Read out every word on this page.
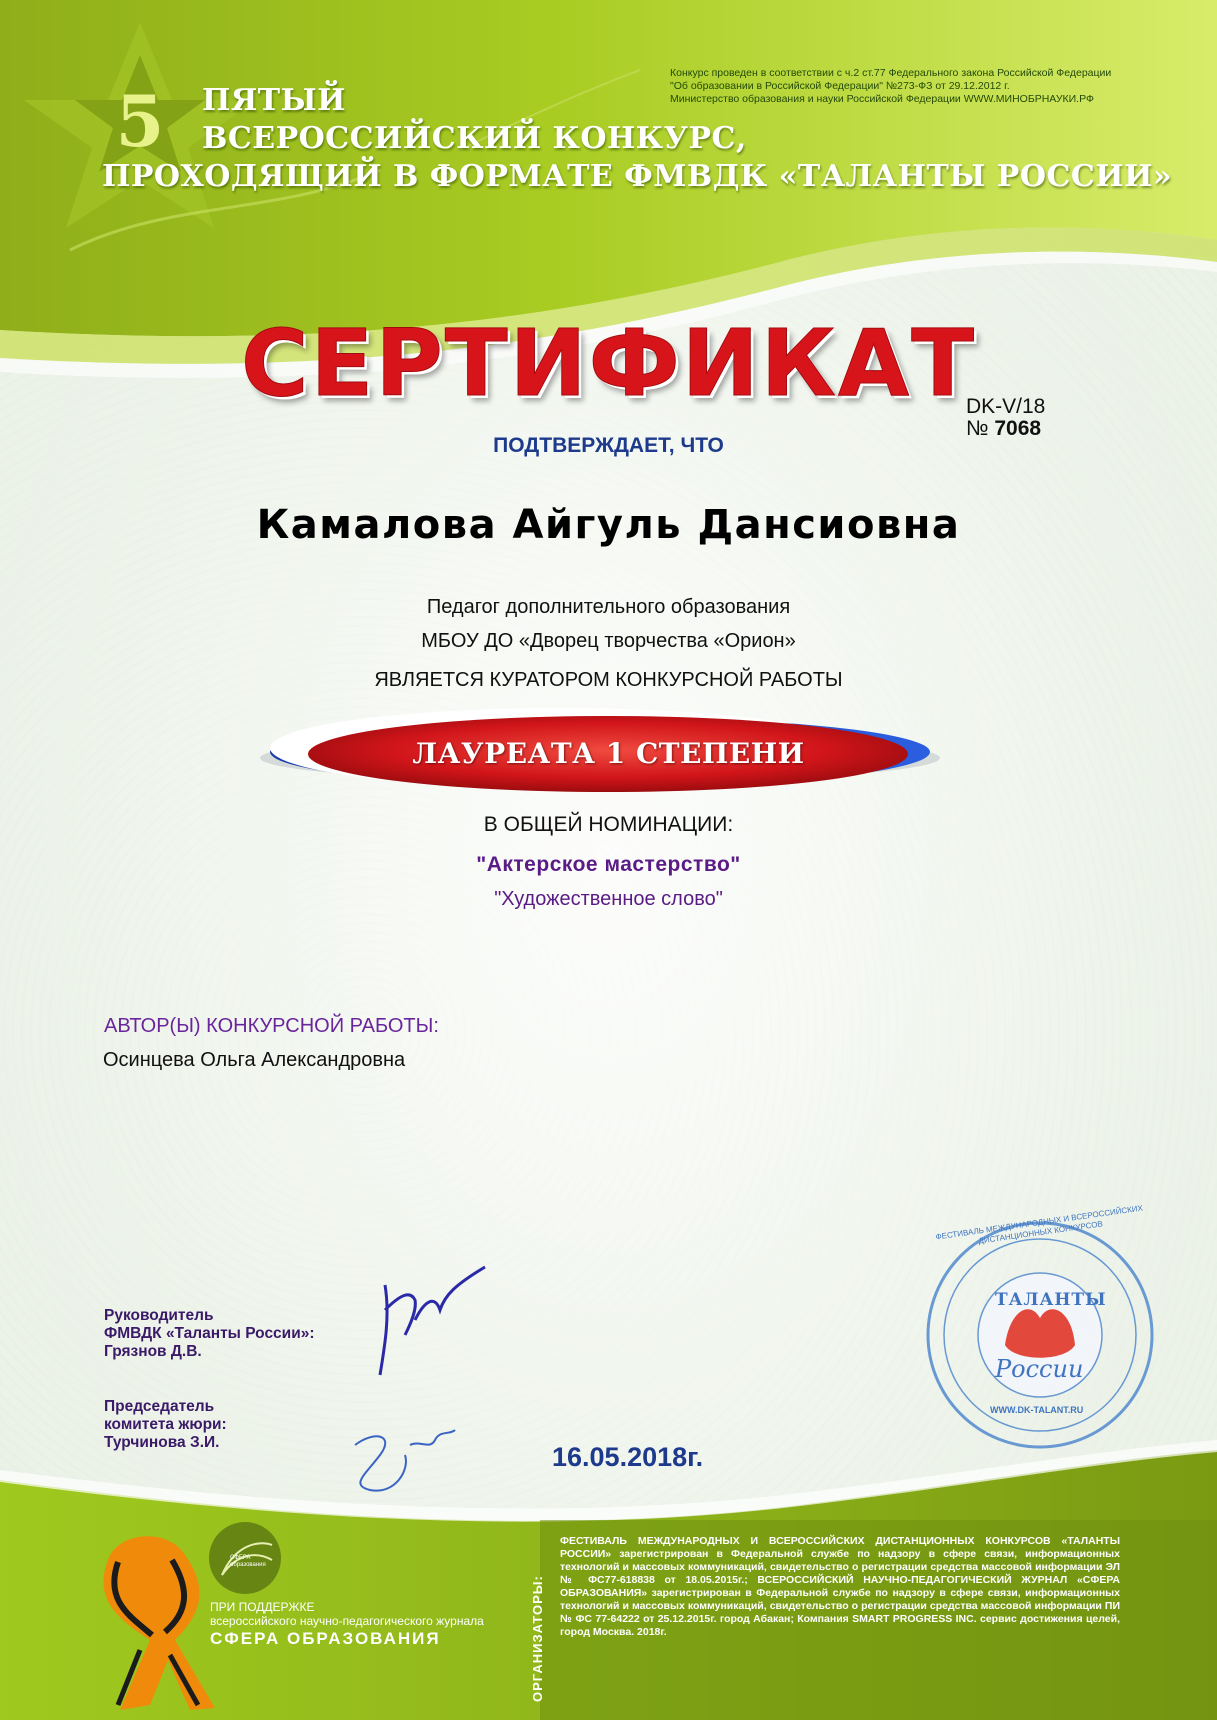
5	ПЯТЫЙ
ВСЕРОССИЙСКИЙ КОНКУРС,
ПРОХОДЯЩИЙ В ФОРМАТЕ ФМВДК «ТАЛАНТЫ РОССИИ»
Конкурс проведен в соответствии с ч.2 ст.77 Федерального закона Российской Федерации
"Об образовании в Российской Федерации" №273-ФЗ от 29.12.2012 г.
Министерство образования и науки Российской Федерации WWW.МИНОБРНАУКИ.РФ
СЕРТИФИКАТ
DK-V/18
№ 7068
ПОДТВЕРЖДАЕТ, ЧТО
Камалова Айгуль Дансиовна
Педагог дополнительного образования
МБОУ ДО «Дворец творчества «Орион»
ЯВЛЯЕТСЯ КУРАТОРОМ КОНКУРСНОЙ РАБОТЫ
ЛАУРЕАТА 1 СТЕПЕНИ
В ОБЩЕЙ НОМИНАЦИИ:
"Актерское мастерство"
"Художественное слово"
АВТОР(Ы) КОНКУРСНОЙ РАБОТЫ:
Осинцева Ольга Александровна
Руководитель
ФМВДК «Таланты России»:
Грязнов Д.В.
Председатель
комитета жюри:
Турчинова З.И.	16.05.2018г.
ТАЛАНТЫ
России
WWW.DK-TALANT.RU
ФЕСТИВАЛЬ МЕЖДУНАРОДНЫХ И ВСЕРОССИЙСКИХ ДИСТАНЦИОННЫХ КОНКУРСОВ
СФЕРА образования
ПРИ ПОДДЕРЖКЕ
всероссийского научно-педагогического журнала
СФЕРА ОБРАЗОВАНИЯ	ОРГАНИЗАТОРЫ:
ФЕСТИВАЛЬ МЕЖДУНАРОДНЫХ И ВСЕРОССИЙСКИХ ДИСТАНЦИОННЫХ КОНКУРСОВ «ТАЛАНТЫ РОССИИ» зарегистрирован в Федеральной службе по надзору в сфере связи, информационных технологий и массовых коммуникаций, свидетельство о регистрации средства массовой информации ЭЛ № ФС77-618838 от 18.05.2015г.; ВСЕРОССИЙСКИЙ НАУЧНО-ПЕДАГОГИЧЕСКИЙ ЖУРНАЛ «СФЕРА ОБРАЗОВАНИЯ» зарегистрирован в Федеральной службе по надзору в сфере связи, информационных технологий и массовых коммуникаций, свидетельство о регистрации средства массовой информации ПИ № ФС 77-64222 от 25.12.2015г. город Абакан; Компания SMART PROGRESS INC. сервис достижения целей, город Москва. 2018г.
